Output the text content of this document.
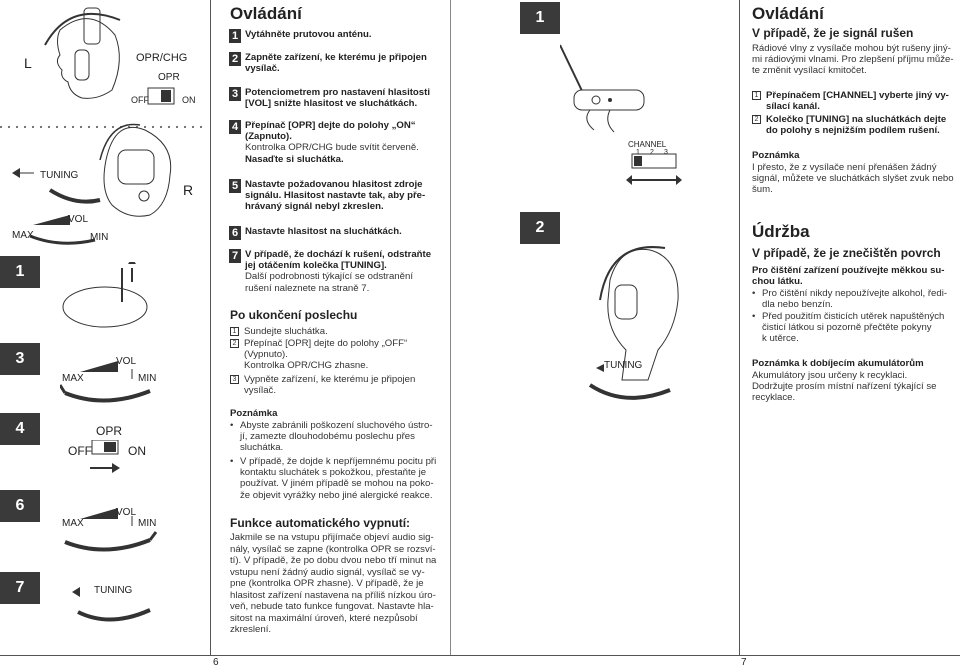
L
R
OPR/CHG
OPR
OFF	ON
TUNING
VOL
MAX	MIN
1
3
4
6
7
VOL
MAX	MIN
OPR
OFF	ON
VOL
MAX	MIN
TUNING
Ovládání
1 Vytáhněte prutovou anténu.
2 Zapněte zařízení, ke kterému je připojen
vysílač.
3 Potenciometrem pro nastavení hlasitosti
[VOL] snižte hlasitost ve sluchátkách.
4 Přepínač [OPR] dejte do polohy „ON“
(Zapnuto).
Kontrolka OPR/CHG bude svítit červeně.
Nasaďte si sluchátka.
5 Nastavte požadovanou hlasitost zdroje
signálu. Hlasitost nastavte tak, aby pře-
hrávaný signál nebyl zkreslen.
6 Nastavte hlasitost na sluchátkách.
7 V případě, že dochází k rušení, odstraňte
jej otáčením kolečka [TUNING].
Další podrobnosti týkající se odstranění
rušení naleznete na straně 7.
Po ukončení poslechu
1 Sundejte sluchátka.
2 Přepínač [OPR] dejte do polohy „OFF“
(Vypnuto).
Kontrolka OPR/CHG zhasne.
3 Vypněte zařízení, ke kterému je připojen
vysílač.
Poznámka
• Abyste zabránili poškození sluchového ústro-
jí, zamezte dlouhodobému poslechu přes
sluchátka.
• V případě, že dojde k nepříjemnému pocitu při
kontaktu sluchátek s pokožkou, přestaňte je
používat. V jiném případě se mohou na poko-
že objevit vyrážky nebo jiné alergické reakce.
Funkce automatického vypnutí:
Jakmile se na vstupu přijímače objeví audio sig-
nály, vysílač se zapne (kontrolka OPR se rozsví-
tí). V případě, že po dobu dvou nebo tří minut na
vstupu není žádný audio signál, vysílač se vy-
pne (kontrolka OPR zhasne). V případě, že je
hlasitost zařízení nastavena na příliš nízkou úro-
veň, nebude tato funkce fungovat. Nastavte hla-
sitost na maximální úroveň, které nezpůsobí
zkreslení.
1
2
CHANNEL
1 2 3
TUNING
Ovládání
V případě, že je signál rušen
Rádiové vlny z vysílače mohou být rušeny jiný-
mi rádiovými vlnami. Pro zlepšení příjmu může-
te změnit vysílací kmitočet.
1 Přepínačem [CHANNEL] vyberte jiný vy-
sílací kanál.
2 Kolečko [TUNING] na sluchátkách dejte
do polohy s nejnižším podílem rušení.
Poznámka
I přesto, že z vysílače není přenášen žádný
signál, můžete ve sluchátkách slyšet zvuk nebo
šum.
Údržba
V případě, že je znečištěn povrch
Pro čištění zařízení používejte měkkou su-
chou látku.
• Pro čištění nikdy nepoužívejte alkohol, ředi-
dla nebo benzín.
• Před použitím čisticích utěrek napuštěných
čisticí látkou si pozorně přečtěte pokyny
k utěrce.
Poznámka k dobíjecím akumulátorům
Akumulátory jsou určeny k recyklaci.
Dodržujte prosím místní nařízení týkající se
recyklace.
6	7
